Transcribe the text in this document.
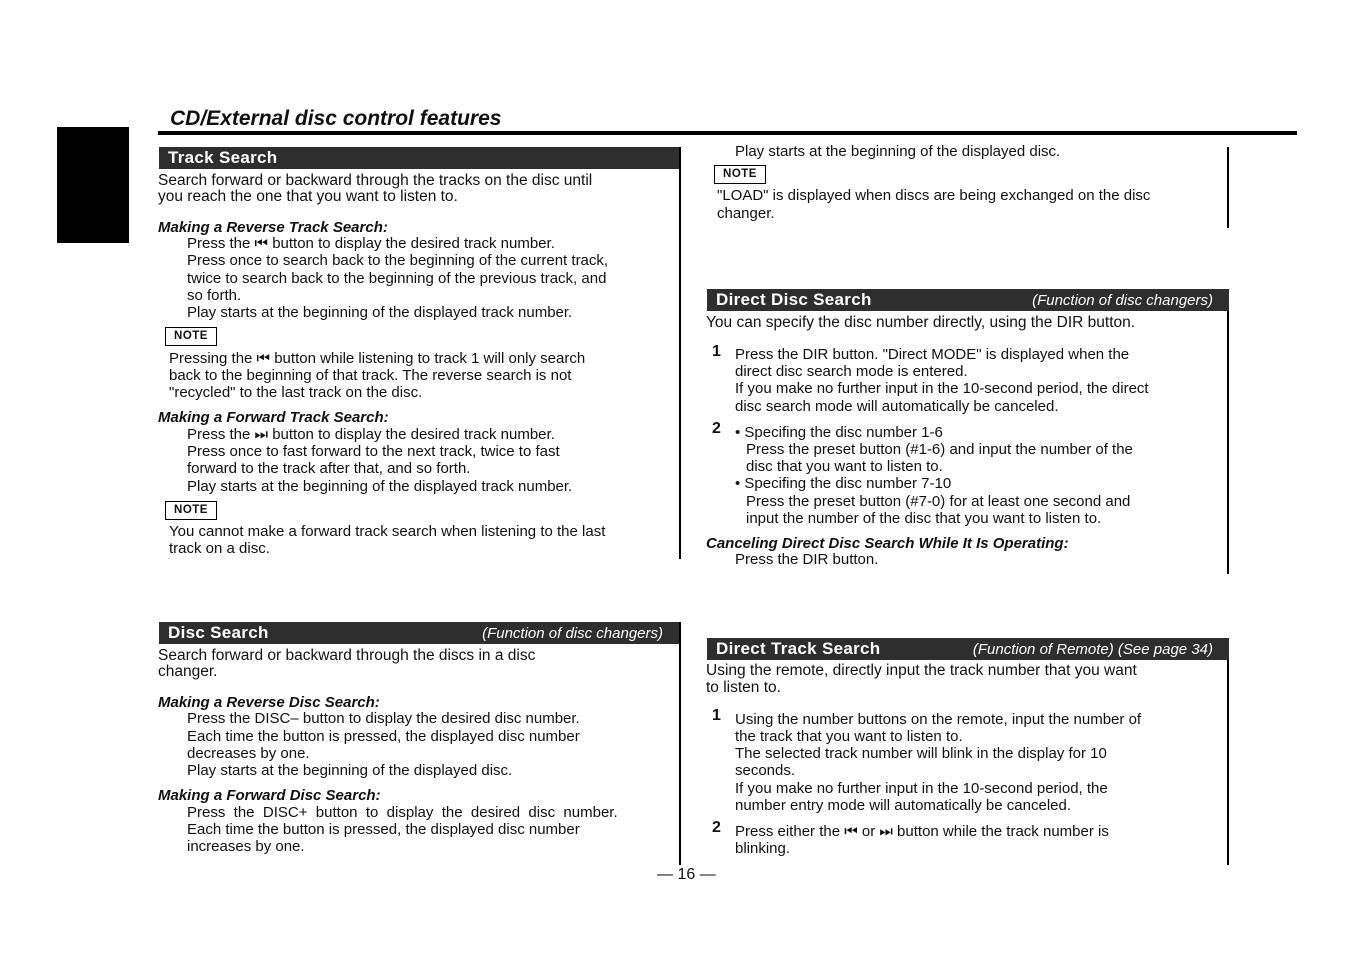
English
CD/External disc control features
Track Search
Search forward or backward through the tracks on the disc until
you reach the one that you want to listen to.
Making a Reverse Track Search:
Press the ⏮ button to display the desired track number.
Press once to search back to the beginning of the current track,
twice to search back to the beginning of the previous track, and
so forth.
Play starts at the beginning of the displayed track number.
NOTE
Pressing the ⏮ button while listening to track 1 will only search
back to the beginning of that track. The reverse search is not
"recycled" to the last track on the disc.
Making a Forward Track Search:
Press the ⏭ button to display the desired track number.
Press once to fast forward to the next track, twice to fast
forward to the track after that, and so forth.
Play starts at the beginning of the displayed track number.
NOTE
You cannot make a forward track search when listening to the last
track on a disc.
Disc Search	(Function of disc changers)
Search forward or backward through the discs in a disc
changer.
Making a Reverse Disc Search:
Press the DISC– button to display the desired disc number.
Each time the button is pressed, the displayed disc number
decreases by one.
Play starts at the beginning of the displayed disc.
Making a Forward Disc Search:
Press  the  DISC+  button  to  display  the  desired  disc  number.
Each time the button is pressed, the displayed disc number
increases by one.
Play starts at the beginning of the displayed disc.
NOTE
"LOAD" is displayed when discs are being exchanged on the disc
changer.
Direct Disc Search	(Function of disc changers)
You can specify the disc number directly, using the DIR button.
1 Press the DIR button. "Direct MODE" is displayed when the
direct disc search mode is entered.
If you make no further input in the 10-second period, the direct
disc search mode will automatically be canceled.
2 • Specifing the disc number 1-6
Press the preset button (#1-6) and input the number of the
disc that you want to listen to.
• Specifing the disc number 7-10
Press the preset button (#7-0) for at least one second and
input the number of the disc that you want to listen to.
Canceling Direct Disc Search While It Is Operating:
Press the DIR button.
Direct Track Search	(Function of Remote) (See page 34)
Using the remote, directly input the track number that you want
to listen to.
1 Using the number buttons on the remote, input the number of
the track that you want to listen to.
The selected track number will blink in the display for 10
seconds.
If you make no further input in the 10-second period, the
number entry mode will automatically be canceled.
2 Press either the ⏮ or ⏭ button while the track number is
blinking.
— 16 —
